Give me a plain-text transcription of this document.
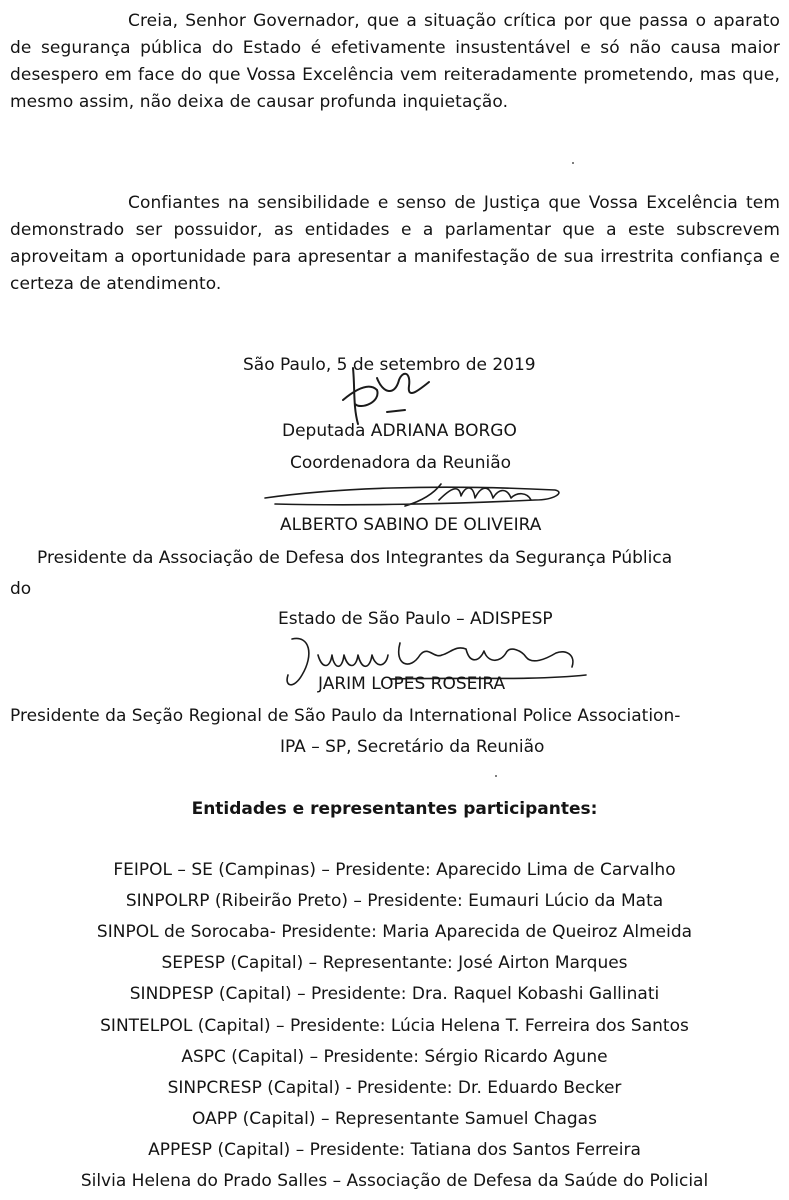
Creia, Senhor Governador, que a situação crítica por que passa o aparato de segurança pública do Estado é efetivamente insustentável e só não causa maior desespero em face do que Vossa Excelência vem reiteradamente prometendo, mas que, mesmo assim, não deixa de causar profunda inquietação.

Confiantes na sensibilidade e senso de Justiça que Vossa Excelência tem demonstrado ser possuidor, as entidades e a parlamentar que a este subscrevem aproveitam a oportunidade para apresentar a manifestação de sua irrestrita confiança e certeza de atendimento.

São Paulo, 5 de setembro de 2019
Deputada ADRIANA BORGO
Coordenadora da Reunião
ALBERTO SABINO DE OLIVEIRA
Presidente da Associação de Defesa dos Integrantes da Segurança Pública
do
Estado de São Paulo – ADISPESP
JARIM LOPES ROSEIRA
Presidente da Seção Regional de São Paulo da International Police Association-
IPA – SP, Secretário da Reunião
Entidades e representantes participantes:
FEIPOL – SE (Campinas) – Presidente: Aparecido Lima de Carvalho
SINPOLRP (Ribeirão Preto) – Presidente: Eumauri Lúcio da Mata
SINPOL de Sorocaba- Presidente: Maria Aparecida de Queiroz Almeida
SEPESP (Capital) – Representante: José Airton Marques
SINDPESP (Capital) – Presidente: Dra. Raquel Kobashi Gallinati
SINTELPOL (Capital) – Presidente: Lúcia Helena T. Ferreira dos Santos
ASPC (Capital) – Presidente: Sérgio Ricardo Agune
SINPCRESP (Capital) - Presidente: Dr. Eduardo Becker
OAPP (Capital) – Representante Samuel Chagas
APPESP (Capital) – Presidente: Tatiana dos Santos Ferreira
Silvia Helena do Prado Salles – Associação de Defesa da Saúde do Policial
